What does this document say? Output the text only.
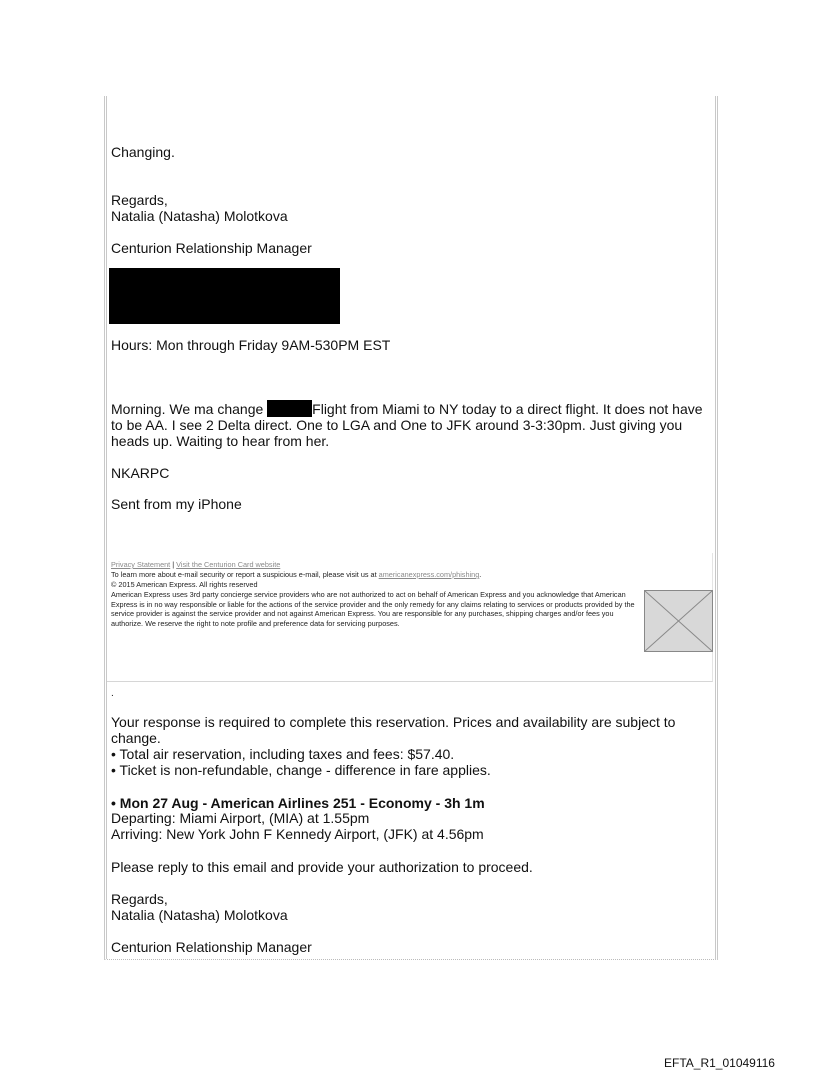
Changing.
Regards,
Natalia (Natasha) Molotkova
Centurion Relationship Manager
Hours: Mon through Friday 9AM-530PM EST
Morning. We ma change	Flight from Miami to NY today to a direct flight. It does not have to be AA. I see 2 Delta direct. One to LGA and One to JFK around 3-3:30pm. Just giving you heads up. Waiting to hear from her.
NKARPC
Sent from my iPhone
Privacy Statement | Visit the Centurion Card website
To learn more about e-mail security or report a suspicious e-mail, please visit us at americanexpress.com/phishing.
© 2015 American Express. All rights reserved
American Express uses 3rd party concierge service providers who are not authorized to act on behalf of American Express and you acknowledge that American Express is in no way responsible or liable for the actions of the service provider and the only remedy for any claims relating to services or products provided by the service provider is against the service provider and not against American Express. You are responsible for any purchases, shipping charges and/or fees you authorize. We reserve the right to note profile and preference data for servicing purposes.
.
Your response is required to complete this reservation. Prices and availability are subject to change.
• Total air reservation, including taxes and fees: $57.40.
• Ticket is non-refundable, change - difference in fare applies.
• Mon 27 Aug - American Airlines 251 - Economy - 3h 1m
Departing: Miami Airport, (MIA) at 1.55pm
Arriving: New York John F Kennedy Airport, (JFK) at 4.56pm
Please reply to this email and provide your authorization to proceed.
Regards,
Natalia (Natasha) Molotkova
Centurion Relationship Manager
EFTA_R1_01049116
